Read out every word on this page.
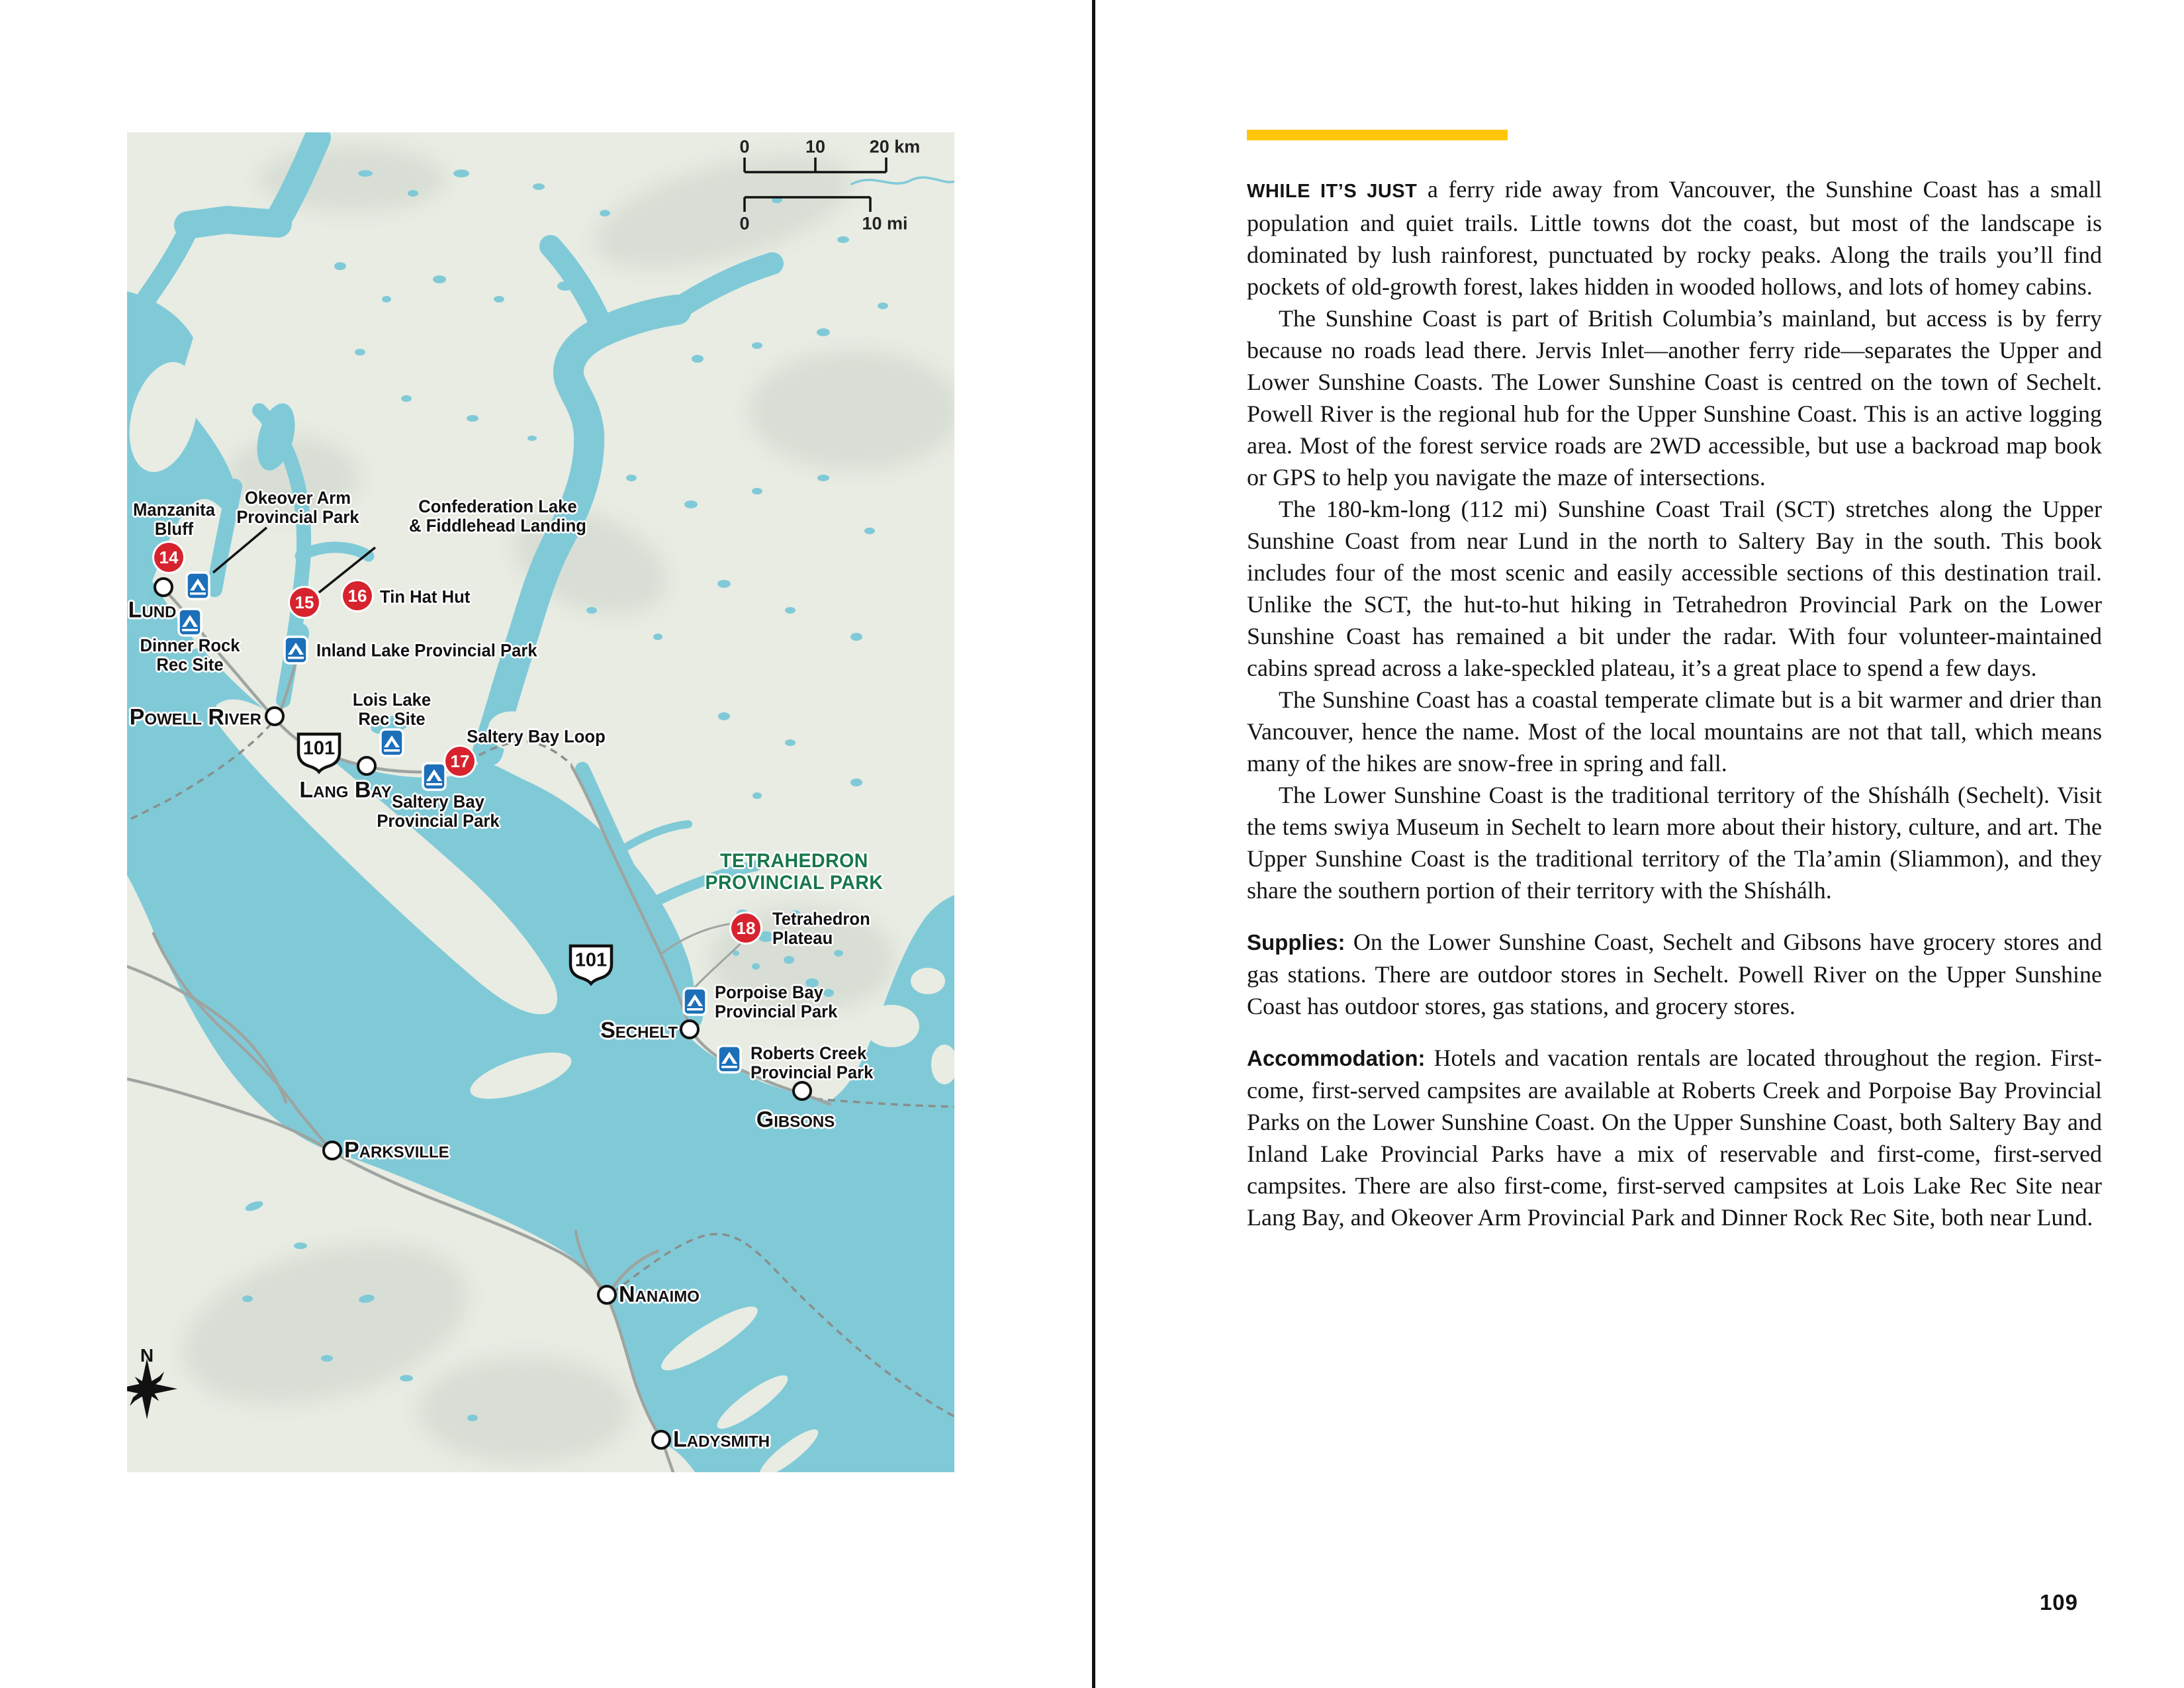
0	10 20 km
0	10 mi
N
101
101
Lund
Powell River
Lang Bay
Sechelt
Gibsons
Parksville
Nanaimo
Ladysmith
14
15 16
17
18
Manzanita
Bluff
Okeover Arm
Provincial Park
Confederation Lake
& Fiddlehead Landing
Tin Hat Hut
Inland Lake Provincial Park
Lois Lake
Rec Site
Saltery Bay Loop
Saltery Bay
Provincial Park
Tetrahedron
Plateau
Porpoise Bay
Provincial Park
Roberts Creek
Provincial Park
Dinner Rock
Rec Site
TETRAHEDRON
PROVINCIAL PARK

WHILE IT’S JUST a ferry ride away from Vancouver, the Sunshine Coast has a small population and quiet trails. Little towns dot the coast, but most of the landscape is dominated by lush rainforest, punctuated by rocky peaks. Along the trails you’ll find pockets of old-growth forest, lakes hidden in wooded hollows, and lots of homey cabins.

The Sunshine Coast is part of British Columbia’s mainland, but access is by ferry because no roads lead there. Jervis Inlet—another ferry ride—separates the Upper and Lower Sunshine Coasts. The Lower Sunshine Coast is centred on the town of Sechelt. Powell River is the regional hub for the Upper Sunshine Coast. This is an active logging area. Most of the forest service roads are 2WD accessible, but use a backroad map book or GPS to help you navigate the maze of intersections.

The 180-km-long (112 mi) Sunshine Coast Trail (SCT) stretches along the Upper Sunshine Coast from near Lund in the north to Saltery Bay in the south. This book includes four of the most scenic and easily accessible sections of this destination trail. Unlike the SCT, the hut-to-hut hiking in Tetrahedron Provincial Park on the Lower Sunshine Coast has remained a bit under the radar. With four volunteer-maintained cabins spread across a lake-speckled plateau, it’s a great place to spend a few days.

The Sunshine Coast has a coastal temperate climate but is a bit warmer and drier than Vancouver, hence the name. Most of the local mountains are not that tall, which means many of the hikes are snow-free in spring and fall.

The Lower Sunshine Coast is the traditional territory of the Shíshálh (Sechelt). Visit the tems swiya Museum in Sechelt to learn more about their history, culture, and art. The Upper Sunshine Coast is the traditional territory of the Tla’amin (Sliammon), and they share the southern portion of their territory with the Shíshálh.

Supplies: On the Lower Sunshine Coast, Sechelt and Gibsons have grocery stores and gas stations. There are outdoor stores in Sechelt. Powell River on the Upper Sunshine Coast has outdoor stores, gas stations, and grocery stores.

Accommodation: Hotels and vacation rentals are located throughout the region. First-come, first-served campsites are available at Roberts Creek and Porpoise Bay Provincial Parks on the Lower Sunshine Coast. On the Upper Sunshine Coast, both Saltery Bay and Inland Lake Provincial Parks have a mix of reservable and first-come, first-served campsites. There are also first-come, first-served campsites at Lois Lake Rec Site near Lang Bay, and Okeover Arm Provincial Park and Dinner Rock Rec Site, both near Lund.

109
